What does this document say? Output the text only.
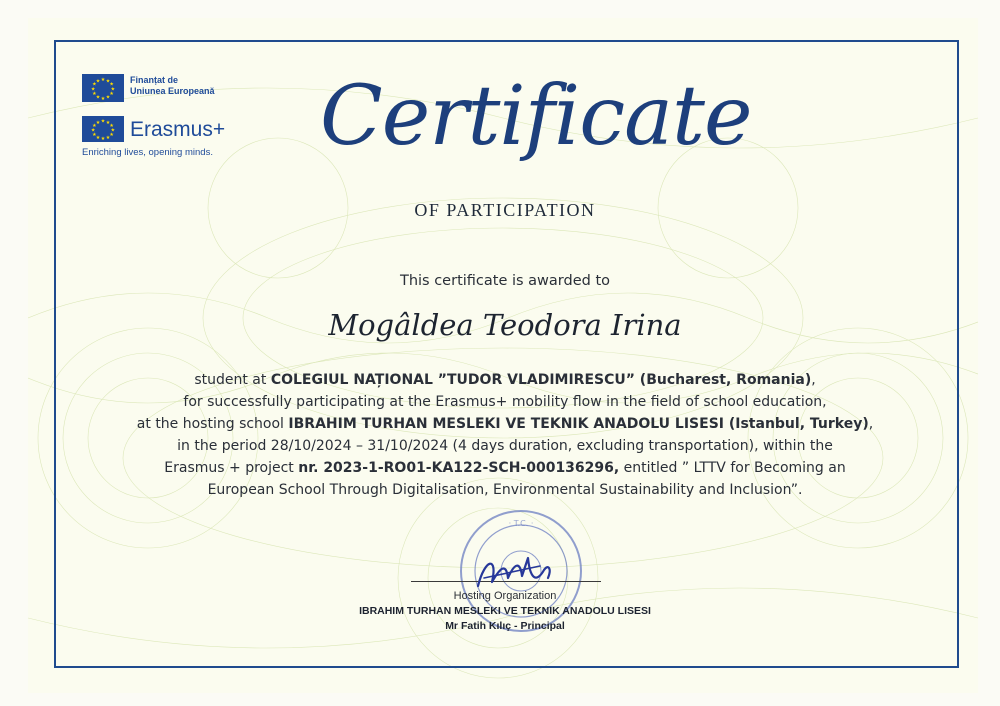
★ ★
★
★
★
★
★
★
★
★
★
★	Finanțat de
Uniunea Europeană
★ ★
★
★
★
★
★
★
★
★
★
★ Erasmus+
Enriching lives, opening minds. Certificate
OF PARTICIPATION
This certificate is awarded to
Mogâldea Teodora Irina
student at COLEGIUL NAȚIONAL ”TUDOR VLADIMIRESCU” (Bucharest, Romania),
for successfully participating at the Erasmus+ mobility flow in the field of school education,
at the hosting school IBRAHIM TURHAN MESLEKI VE TEKNIK ANADOLU LISESI (Istanbul, Turkey),
in the period 28/10/2024 – 31/10/2024 (4 days duration, excluding transportation), within the
Erasmus + project nr. 2023-1-RO01-KA122-SCH-000136296, entitled ” LTTV for Becoming an
European School Through Digitalisation, Environmental Sustainability and Inclusion”.
· T.C. ·
Hosting Organization
IBRAHIM TURHAN MESLEKI VE TEKNIK ANADOLU LISESI
Mr Fatih Kılıç - Principal
